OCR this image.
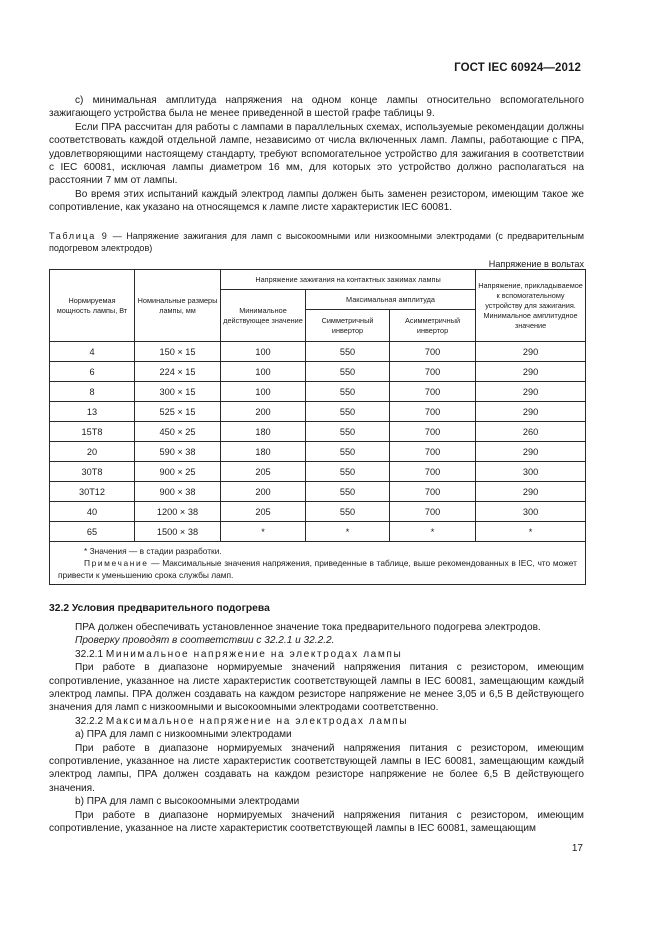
ГОСТ IEC 60924—2012

c) минимальная амплитуда напряжения на одном конце лампы относительно вспомогательного зажигающего устройства была не менее приведенной в шестой графе таблицы 9.

Если ПРА рассчитан для работы с лампами в параллельных схемах, используемые рекомендации должны соответствовать каждой отдельной лампе, независимо от числа включенных ламп. Лампы, работающие с ПРА, удовлетворяющими настоящему стандарту, требуют вспомогательное устройство для зажигания в соответствии с IEC 60081, исключая лампы диаметром 16 мм, для которых это устройство должно располагаться на расстоянии 7 мм от лампы.

Во время этих испытаний каждый электрод лампы должен быть заменен резистором, имеющим такое же сопротивление, как указано на относящемся к лампе листе характеристик IEC 60081.

Таблица 9 — Напряжение зажигания для ламп с высокоомными или низкоомными электродами (с предварительным подогревом электродов)
Напряжение в вольтах
Нормируемая мощность лампы, Вт	Номинальные размеры лампы, мм	Напряжение зажигания на контактных зажимах лампы			Напряжение, прикладываемое к вспомогательному устройству для зажигания. Минимальное амплитудное значение
		Минимальное действующее значение	Максимальная амплитуда		
			Симметричный инвертор	Асимметричный инвертор	
4	150 × 15	100	550	700	290
6	224 × 15	100	550	700	290
8	300 × 15	100	550	700	290
13	525 × 15	200	550	700	290
15T8	450 × 25	180	550	700	260
20	590 × 38	180	550	700	290
30T8	900 × 25	205	550	700	300
30T12	900 × 38	200	550	700	290
40	1200 × 38	205	550	700	300
65	1500 × 38	*	*	*	*

* Значения — в стадии разработки.
Примечание — Максимальные значения напряжения, приведенные в таблице, выше рекомендованных в IEC, что может привести к уменьшению срока службы ламп.					
32.2 Условия предварительного подогрева

ПРА должен обеспечивать установленное значение тока предварительного подогрева электродов.

Проверку проводят в соответствии с 32.2.1 и 32.2.2.

32.2.1 Минимальное напряжение на электродах лампы

При работе в диапазоне нормируемые значений напряжения питания с резистором, имеющим сопротивление, указанное на листе характеристик соответствующей лампы в IEC 60081, замещающим каждый электрод лампы. ПРА должен создавать на каждом резисторе напряжение не менее 3,05 и 6,5 В действующего значения для ламп с низкоомными и высокоомными электродами соответственно.

32.2.2 Максимальное напряжение на электродах лампы

a) ПРА для ламп с низкоомными электродами

При работе в диапазоне нормируемых значений напряжения питания с резистором, имеющим сопротивление, указанное на листе характеристик соответствующей лампы в IEC 60081, замещающим каждый электрод лампы, ПРА должен создавать на каждом резисторе напряжение не более 6,5 В действующего значения.

b) ПРА для ламп с высокоомными электродами

При работе в диапазоне нормируемых значений напряжения питания с резистором, имеющим сопротивление, указанное на листе характеристик соответствующей лампы в IEC 60081, замещающим

17
